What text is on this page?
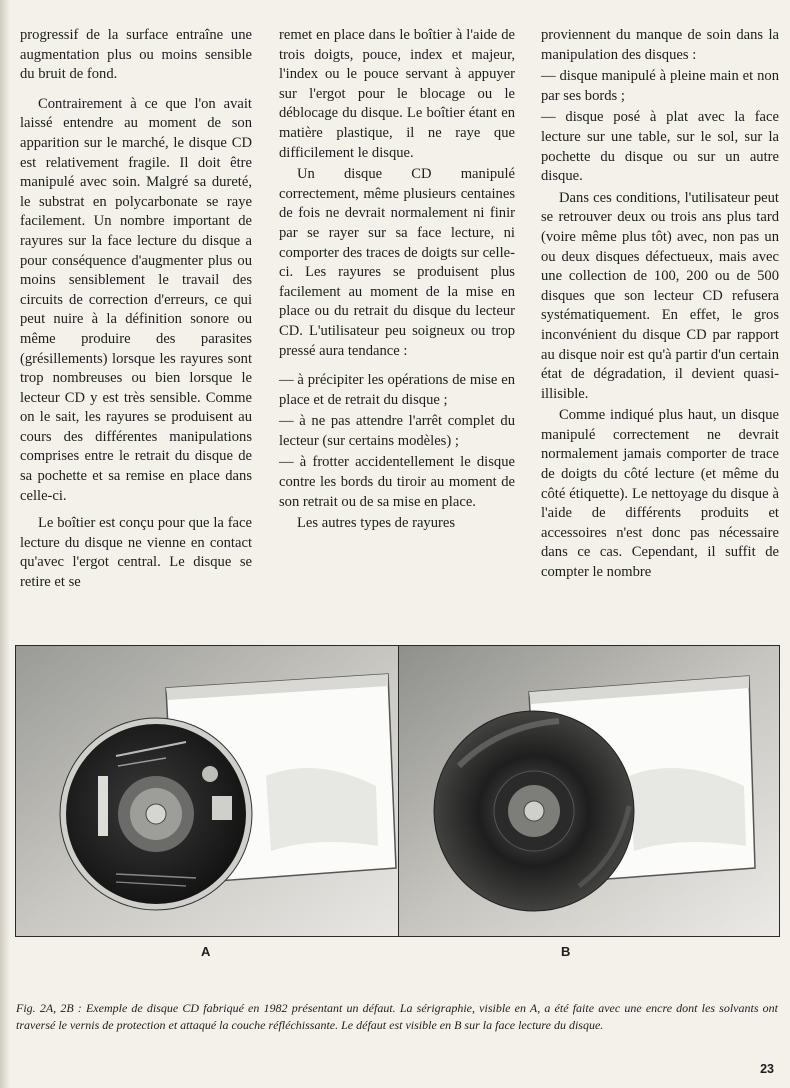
progressif de la surface entraîne une augmentation plus ou moins sensible du bruit de fond.

Contrairement à ce que l'on avait laissé entendre au moment de son apparition sur le marché, le disque CD est relativement fragile. Il doit être manipulé avec soin. Malgré sa dureté, le substrat en polycarbonate se raye facilement. Un nombre important de rayures sur la face lecture du disque a pour conséquence d'augmenter plus ou moins sensiblement le travail des circuits de correction d'erreurs, ce qui peut nuire à la définition sonore ou même produire des parasites (grésillements) lorsque les rayures sont trop nombreuses ou bien lorsque le lecteur CD y est très sensible. Comme on le sait, les rayures se produisent au cours des différentes manipulations comprises entre le retrait du disque de sa pochette et sa remise en place dans celle-ci.

Le boîtier est conçu pour que la face lecture du disque ne vienne en contact qu'avec l'ergot central. Le disque se retire et se

remet en place dans le boîtier à l'aide de trois doigts, pouce, index et majeur, l'index ou le pouce servant à appuyer sur l'ergot pour le blocage ou le déblocage du disque. Le boîtier étant en matière plastique, il ne raye que difficilement le disque.

Un disque CD manipulé correctement, même plusieurs centaines de fois ne devrait normalement ni finir par se rayer sur sa face lecture, ni comporter des traces de doigts sur celle-ci. Les rayures se produisent plus facilement au moment de la mise en place ou du retrait du disque du lecteur CD. L'utilisateur peu soigneux ou trop pressé aura tendance :

— à précipiter les opérations de mise en place et de retrait du disque ;

— à ne pas attendre l'arrêt complet du lecteur (sur certains modèles) ;

— à frotter accidentellement le disque contre les bords du tiroir au moment de son retrait ou de sa mise en place.

Les autres types de rayures

proviennent du manque de soin dans la manipulation des disques :

— disque manipulé à pleine main et non par ses bords ;

— disque posé à plat avec la face lecture sur une table, sur le sol, sur la pochette du disque ou sur un autre disque.

Dans ces conditions, l'utilisateur peut se retrouver deux ou trois ans plus tard (voire même plus tôt) avec, non pas un ou deux disques défectueux, mais avec une collection de 100, 200 ou de 500 disques que son lecteur CD refusera systématiquement. En effet, le gros inconvénient du disque CD par rapport au disque noir est qu'à partir d'un certain état de dégradation, il devient quasi-illisible.

Comme indiqué plus haut, un disque manipulé correctement ne devrait normalement jamais comporter de trace de doigts du côté lecture (et même du côté étiquette). Le nettoyage du disque à l'aide de différents produits et accessoires n'est donc pas nécessaire dans ce cas. Cependant, il suffit de compter le nombre

A	B
Fig. 2A, 2B : Exemple de disque CD fabriqué en 1982 présentant un défaut. La sérigraphie, visible en A, a été faite avec une encre dont les solvants ont traversé le vernis de protection et attaqué la couche réfléchissante. Le défaut est visible en B sur la face lecture du disque.
23
